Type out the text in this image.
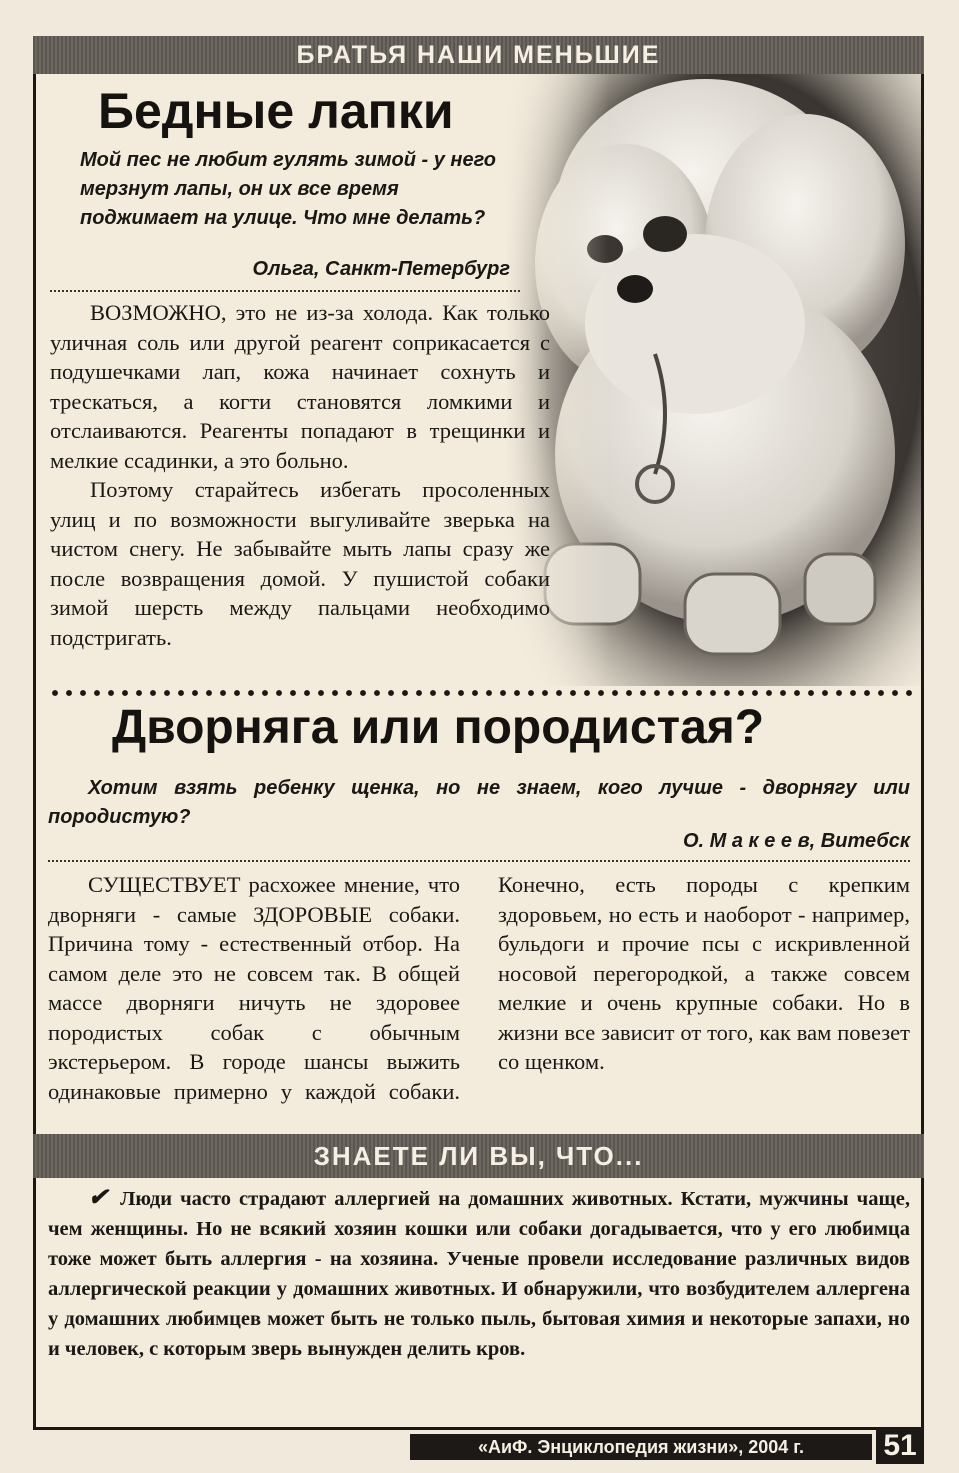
БРАТЬЯ НАШИ МЕНЬШИЕ
Бедные лапки
Мой пес не любит гулять зимой - у него мерзнут лапы, он их все время поджимает на улице. Что мне делать?
Ольга, Санкт-Петербург

ВОЗМОЖНО, это не из-за холода. Как только уличная соль или другой реагент соприкасается с подушечками лап, кожа начинает сохнуть и трескаться, а когти становятся ломкими и отслаиваются. Реагенты попадают в трещинки и мелкие ссадинки, а это больно.

Поэтому старайтесь избегать просоленных улиц и по возможности выгуливайте зверька на чистом снегу. Не забывайте мыть лапы сразу же после возвращения домой. У пушистой собаки зимой шерсть между пальцами необходимо подстригать.

Дворняга или породистая?
Хотим взять ребенку щенка, но не знаем, кого лучше - дворнягу или породистую?
О. М а к е е в, Витебск

СУЩЕСТВУЕТ расхожее мнение, что дворняги - самые ЗДОРОВЫЕ собаки. Причина тому - естественный отбор. На самом деле это не совсем так. В общей массе дворняги ничуть не здоровее породистых собак с обычным экстерьером. В городе шансы выжить одинаковые примерно у каждой собаки. Конечно, есть породы с крепким здоровьем, но есть и наоборот - например, бульдоги и прочие псы с искривленной носовой перегородкой, а также совсем мелкие и очень крупные собаки. Но в жизни все зависит от того, как вам повезет со щенком.

ЗНАЕТЕ ЛИ ВЫ, ЧТО...
✔ Люди часто страдают аллергией на домашних животных. Кстати, мужчины чаще, чем женщины. Но не всякий хозяин кошки или собаки догадывается, что у его любимца тоже может быть аллергия - на хозяина. Ученые провели исследование различных видов аллергической реакции у домашних животных. И обнаружили, что возбудителем аллергена у домашних любимцев может быть не только пыль, бытовая химия и некоторые запахи, но и человек, с которым зверь вынужден делить кров.
«АиФ. Энциклопедия жизни», 2004 г.	51
